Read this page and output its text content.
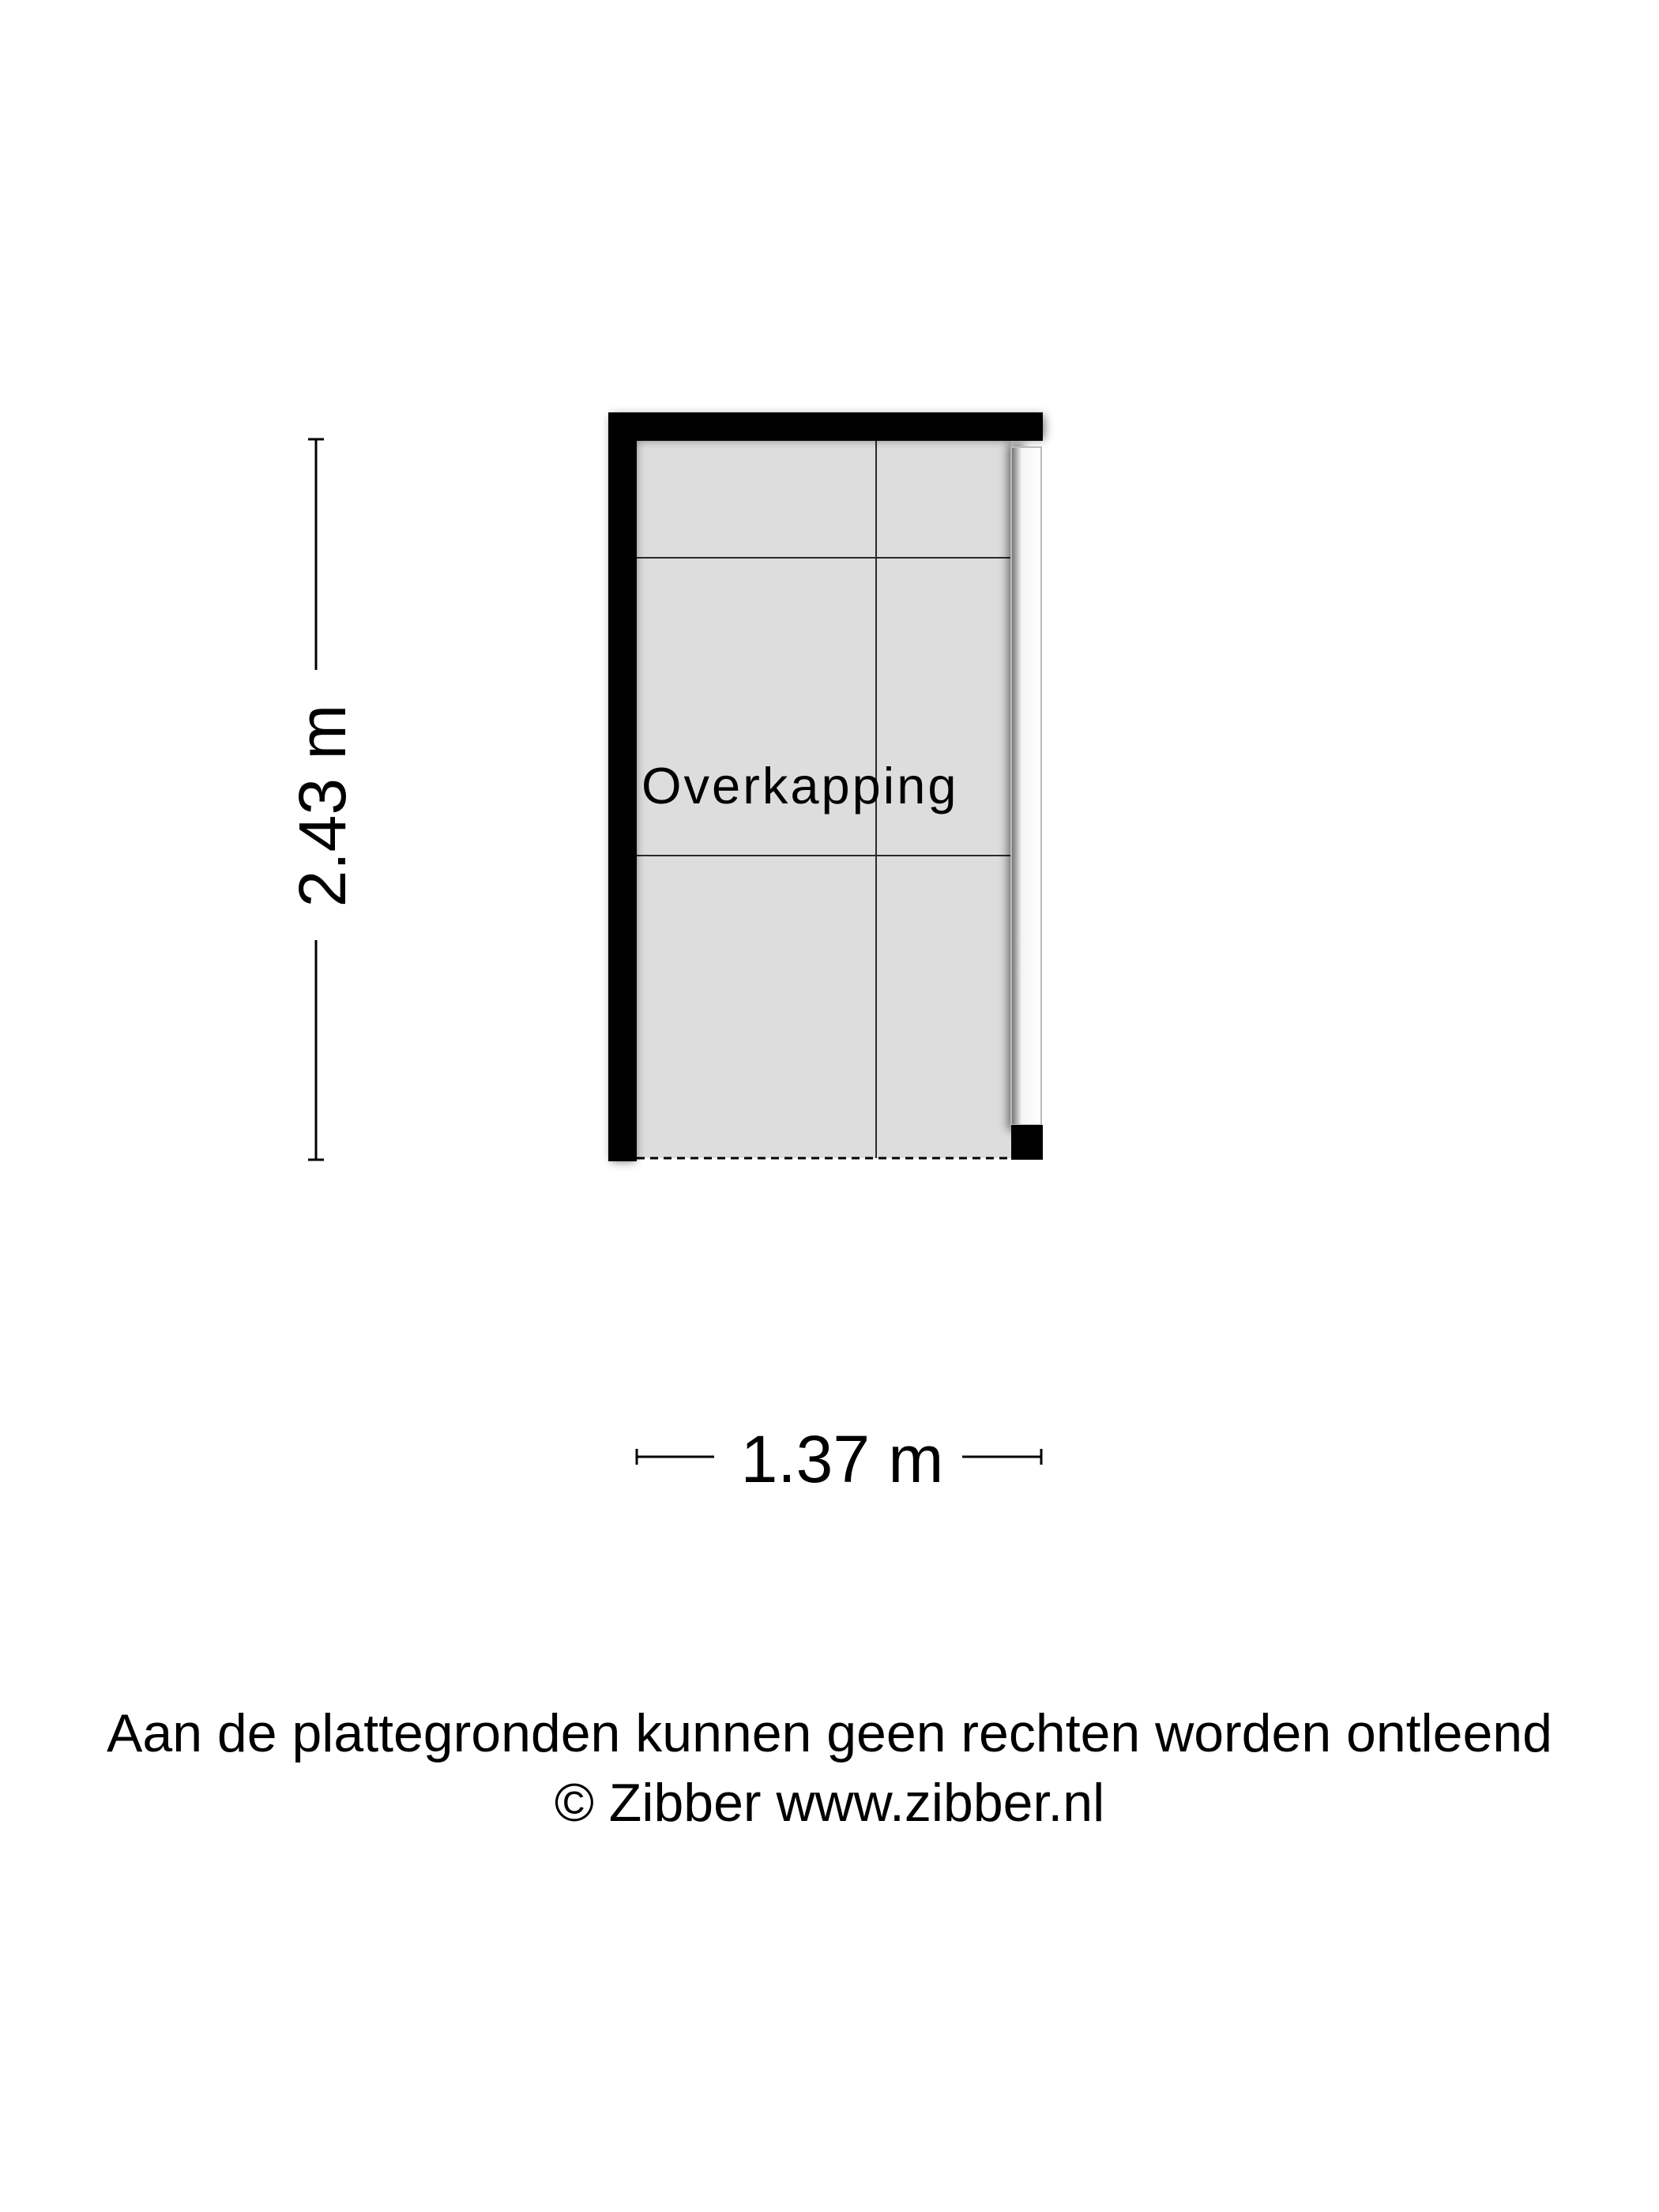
Overkapping
2.43 m
1.37 m
Aan de plattegronden kunnen geen rechten worden ontleend
© Zibber www.zibber.nl
